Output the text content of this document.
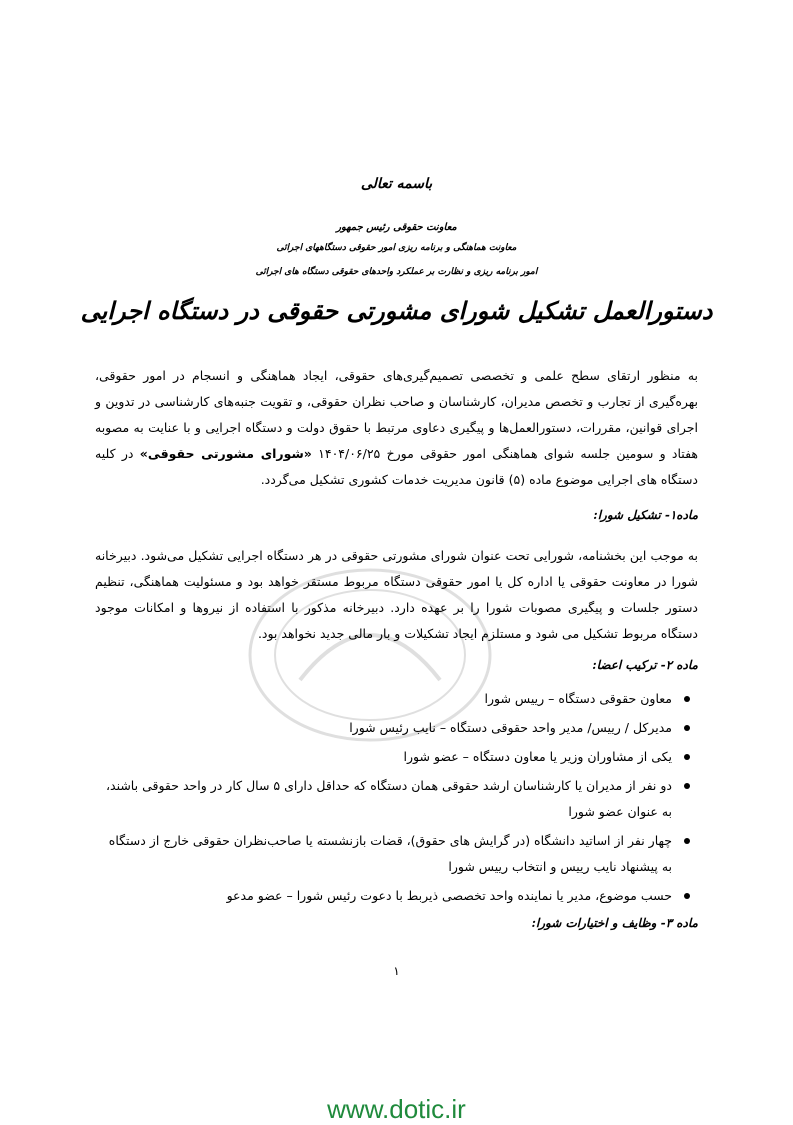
باسمه تعالی
معاونت حقوقی رئیس جمهور
معاونت هماهنگی و برنامه ریزی امور حقوقی دستگاههای اجرائی
امور برنامه ریزی و نظارت بر عملکرد واحدهای حقوقی دستگاه های اجرائی
دستورالعمل تشکیل شورای مشورتی حقوقی در دستگاه اجرایی
به منظور ارتقای سطح علمی و تخصصی تصمیم‌گیری‌های حقوقی، ایجاد هماهنگی و انسجام در امور حقوقی، بهره‌گیری از تجارب و تخصص مدیران، کارشناسان و صاحب نظران حقوقی، و تقویت جنبه‌های کارشناسی در تدوین و اجرای قوانین، مقررات، دستورالعمل‌ها و پیگیری دعاوی مرتبط با حقوق دولت و دستگاه اجرایی و با عنایت به مصوبه هفتاد و سومین جلسه شوای هماهنگی امور حقوقی مورخ ۱۴۰۴/۰۶/۲۵ «شورای مشورتی حقوقی» در کلیه دستگاه های اجرایی موضوع ماده (۵) قانون مدیریت خدمات کشوری تشکیل می‌گردد.
ماده۱- تشکیل شورا:
به موجب این بخشنامه، شورایی تحت عنوان شورای مشورتی حقوقی در هر دستگاه اجرایی تشکیل می‌شود. دبیرخانه شورا در معاونت حقوقی یا اداره کل یا امور حقوقی دستگاه مربوط مستقر خواهد بود و مسئولیت هماهنگی، تنظیم دستور جلسات و پیگیری مصوبات شورا را بر عهده دارد. دبیرخانه مذکور با استفاده از نیروها و امکانات موجود دستگاه مربوط تشکیل می شود و مستلزم ایجاد تشکیلات و بار مالی جدید نخواهد بود.
ماده ۲- ترکیب اعضا:
معاون حقوقی دستگاه – رییس شورا
مدیرکل / رییس/ مدیر واحد حقوقی دستگاه – نایب رئیس شورا
یکی از مشاوران وزیر یا معاون دستگاه – عضو شورا
دو نفر از مدیران یا کارشناسان ارشد حقوقی همان دستگاه که حداقل دارای ۵ سال کار در واحد حقوقی باشند، به عنوان عضو شورا
چهار نفر از اساتید دانشگاه (در گرایش های حقوق)، قضات بازنشسته یا صاحب‌نظران حقوقی خارج از دستگاه به پیشنهاد نایب رییس و انتخاب رییس شورا
حسب موضوع، مدیر یا نماینده واحد تخصصی ذیربط با دعوت رئیس شورا – عضو مدعو
ماده ۳- وظایف و اختیارات شورا:
۱
www.dotic.ir
